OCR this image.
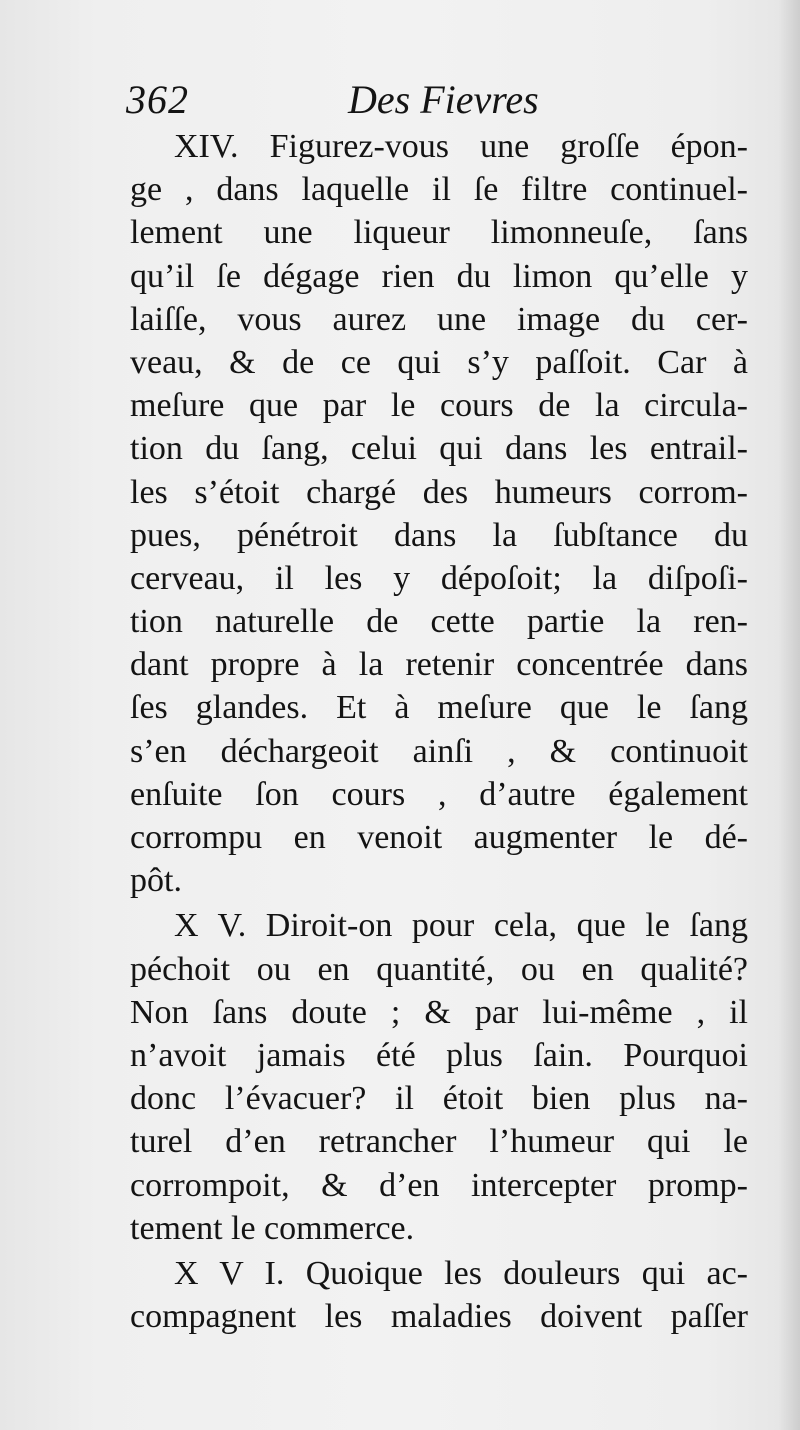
362	Des Fievres
XIV. Figurez-vous une groſſe épon-
ge , dans laquelle il ſe filtre continuel-
lement une liqueur limonneuſe, ſans
qu’il ſe dégage rien du limon qu’elle y
laiſſe, vous aurez une image du cer-
veau, & de ce qui s’y paſſoit. Car à
meſure que par le cours de la circula-
tion du ſang, celui qui dans les entrail-
les s’étoit chargé des humeurs corrom-
pues, pénétroit dans la ſubſtance du
cerveau, il les y dépoſoit; la diſpoſi-
tion naturelle de cette partie la ren-
dant propre à la retenir concentrée dans
ſes glandes. Et à meſure que le ſang
s’en déchargeoit ainſi , & continuoit
enſuite ſon cours , d’autre également
corrompu en venoit augmenter le dé-
pôt.
X V. Diroit-on pour cela, que le ſang
péchoit ou en quantité, ou en qualité?
Non ſans doute ; & par lui-même , il
n’avoit jamais été plus ſain. Pourquoi
donc l’évacuer? il étoit bien plus na-
turel d’en retrancher l’humeur qui le
corrompoit, & d’en intercepter promp-
tement le commerce.
X V I. Quoique les douleurs qui ac-
compagnent les maladies doivent paſſer
